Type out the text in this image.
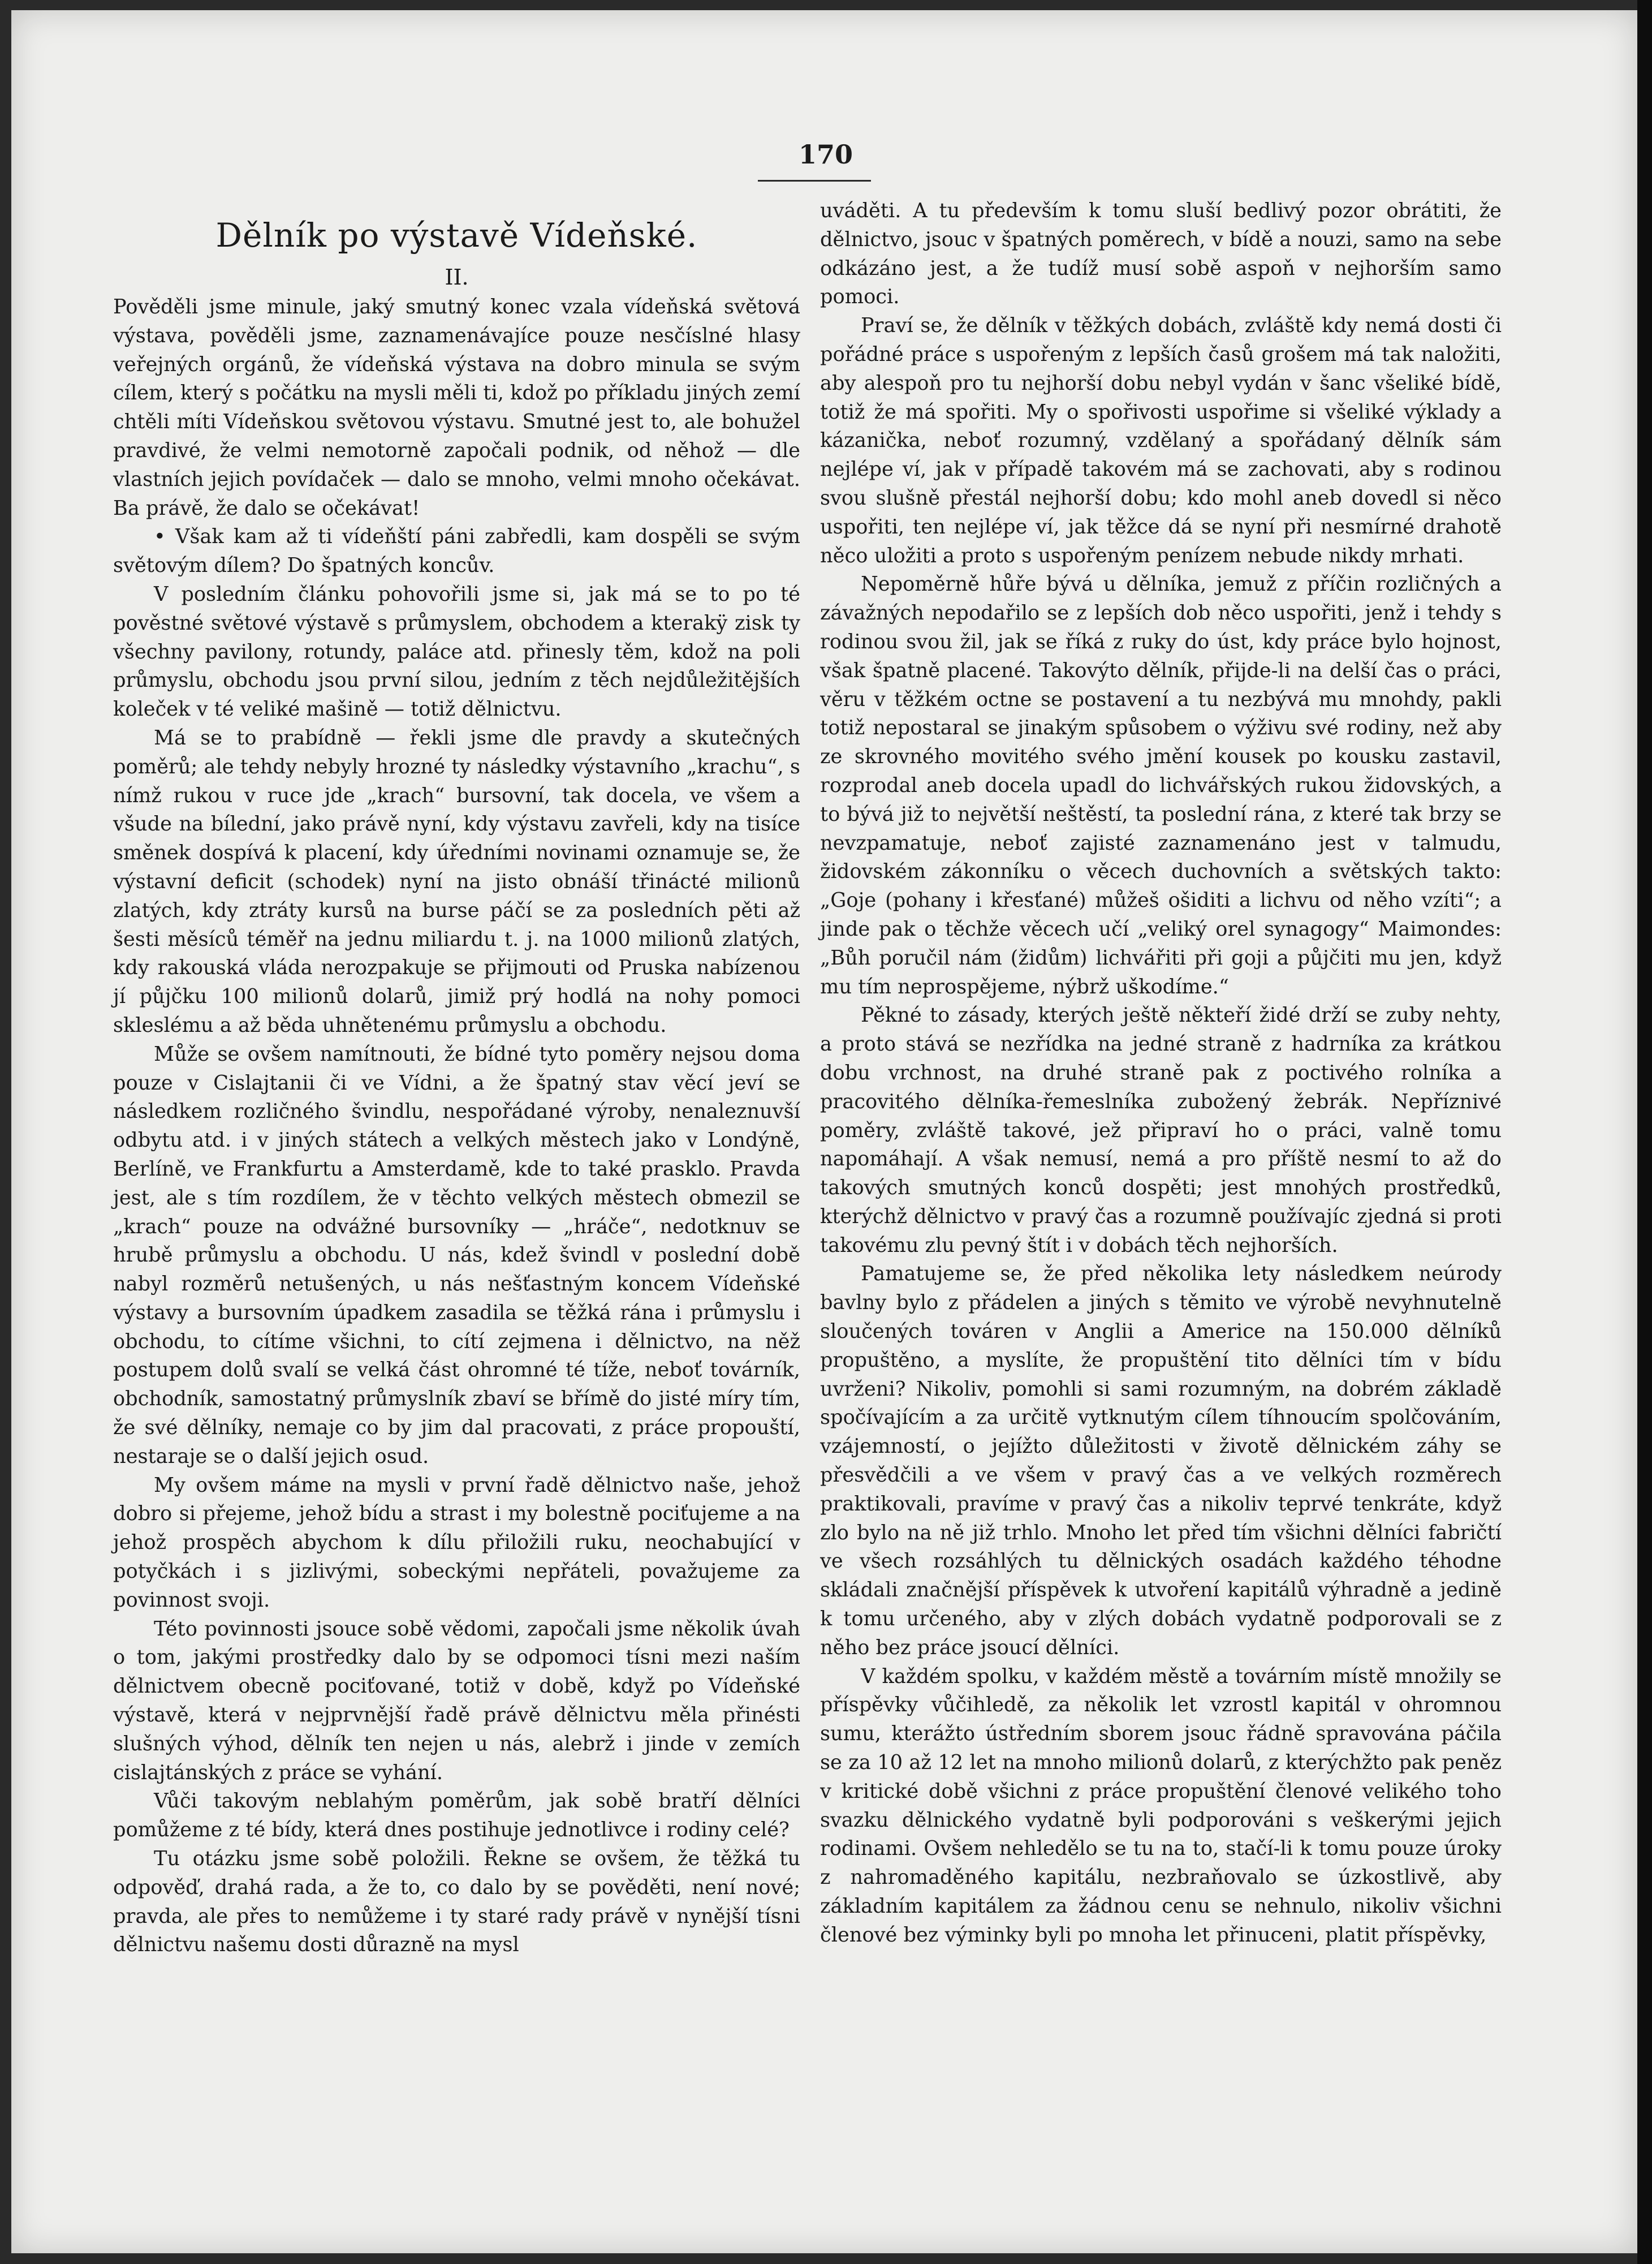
170
Dělník po výstavě Vídeňské.

II.

Pověděli jsme minule, jaký smutný konec vzala vídeňská světová výstava, pověděli jsme, zaznamenávajíce pouze nesčíslné hlasy veřejných orgánů, že vídeňská výstava na dobro minula se svým cílem, který s počátku na mysli měli ti, kdož po příkladu jiných zemí chtěli míti Vídeňskou světovou výstavu. Smutné jest to, ale bohužel pravdivé, že velmi nemotorně započali podnik, od něhož — dle vlastních jejich povídaček — dalo se mnoho, velmi mnoho očekávat. Ba právě, že dalo se očekávat!

• Však kam až ti vídeňští páni zabředli, kam dospěli se svým světovým dílem? Do špatných koncův.

V posledním článku pohovořili jsme si, jak má se to po té pověstné světové výstavě s průmyslem, obchodem a kterakÿ zisk ty všechny pavilony, rotundy, paláce atd. přinesly těm, kdož na poli průmyslu, obchodu jsou první silou, jedním z těch nejdůležitějších koleček v té veliké mašině — totiž dělnictvu.

Má se to prabídně — řekli jsme dle pravdy a skutečných poměrů; ale tehdy nebyly hrozné ty následky výstavního „krachu“, s nímž rukou v ruce jde „krach“ bursovní, tak docela, ve všem a všude na bílední, jako právě nyní, kdy výstavu zavřeli, kdy na tisíce směnek dospívá k placení, kdy úředními novinami oznamuje se, že výstavní deficit (schodek) nyní na jisto obnáší třinácté milionů zlatých, kdy ztráty kursů na burse páčí se za posledních pěti až šesti měsíců téměř na jednu miliardu t. j. na 1000 milionů zlatých, kdy rakouská vláda nerozpakuje se přijmouti od Pruska nabízenou jí půjčku 100 milionů dolarů, jimiž prý hodlá na nohy pomoci skleslému a až běda uhnětenému průmyslu a obchodu.

Může se ovšem namítnouti, že bídné tyto poměry nejsou doma pouze v Cislajtanii či ve Vídni, a že špatný stav věcí jeví se následkem rozličného švindlu, nespořádané výroby, nenaleznuvší odbytu atd. i v jiných státech a velkých městech jako v Londýně, Berlíně, ve Frankfurtu a Amsterdamě, kde to také prasklo. Pravda jest, ale s tím rozdílem, že v těchto velkých městech obmezil se „krach“ pouze na odvážné bursovníky — „hráče“, nedotknuv se hrubě průmyslu a obchodu. U nás, kdež švindl v poslední době nabyl rozměrů netušených, u nás nešťastným koncem Vídeňské výstavy a bursovním úpadkem zasadila se těžká rána i průmyslu i obchodu, to cítíme všichni, to cítí zejmena i dělnictvo, na něž postupem dolů svalí se velká část ohromné té tíže, neboť továrník, obchodník, samostatný průmyslník zbaví se břímě do jisté míry tím, že své dělníky, nemaje co by jim dal pracovati, z práce propouští, nestaraje se o další jejich osud.

My ovšem máme na mysli v první řadě dělnictvo naše, jehož dobro si přejeme, jehož bídu a strast i my bolestně pociťujeme a na jehož prospěch abychom k dílu přiložili ruku, neochabující v potyčkách i s jizlivými, sobeckými nepřáteli, považujeme za povinnost svoji.

Této povinnosti jsouce sobě vědomi, započali jsme několik úvah o tom, jakými prostředky dalo by se odpomoci tísni mezi naším dělnictvem obecně pociťované, totiž v době, když po Vídeňské výstavě, která v nejprvnější řadě právě dělnictvu měla přinésti slušných výhod, dělník ten nejen u nás, alebrž i jinde v zemích cislajtánských z práce se vyhání.

Vůči takovým neblahým poměrům, jak sobě bratří dělníci pomůžeme z té bídy, která dnes postihuje jednotlivce i rodiny celé?

Tu otázku jsme sobě položili. Řekne se ovšem, že těžká tu odpověď, drahá rada, a že to, co dalo by se pověděti, není nové; pravda, ale přes to nemůžeme i ty staré rady právě v nynější tísni dělnictvu našemu dosti důrazně na mysl

uváděti. A tu především k tomu sluší bedlivý pozor obrátiti, že dělnictvo, jsouc v špatných poměrech, v bídě a nouzi, samo na sebe odkázáno jest, a že tudíž musí sobě aspoň v nejhorším samo pomoci.

Praví se, že dělník v těžkých dobách, zvláště kdy nemá dosti či pořádné práce s uspořeným z lepších časů grošem má tak naložiti, aby alespoň pro tu nejhorší dobu nebyl vydán v šanc všeliké bídě, totiž že má spořiti. My o spořivosti uspořime si všeliké výklady a kázanička, neboť rozumný, vzdělaný a spořádaný dělník sám nejlépe ví, jak v případě takovém má se zachovati, aby s rodinou svou slušně přestál nejhorší dobu; kdo mohl aneb dovedl si něco uspořiti, ten nejlépe ví, jak těžce dá se nyní při nesmírné drahotě něco uložiti a proto s uspořeným penízem nebude nikdy mrhati.

Nepoměrně hůře bývá u dělníka, jemuž z příčin rozličných a závažných nepodařilo se z lepších dob něco uspořiti, jenž i tehdy s rodinou svou žil, jak se říká z ruky do úst, kdy práce bylo hojnost, však špatně placené. Takovýto dělník, přijde-li na delší čas o práci, věru v těžkém octne se postavení a tu nezbývá mu mnohdy, pakli totiž nepostaral se jinakým spůsobem o výživu své rodiny, než aby ze skrovného movitého svého jmění kousek po kousku zastavil, rozprodal aneb docela upadl do lichvářských rukou židovských, a to bývá již to největší neštěstí, ta poslední rána, z které tak brzy se nevzpamatuje, neboť zajisté zaznamenáno jest v talmudu, židovském zákonníku o věcech duchovních a světských takto: „Goje (pohany i křesťané) můžeš ošiditi a lichvu od něho vzíti“; a jinde pak o těchže věcech učí „veliký orel synagogy“ Maimondes: „Bůh poručil nám (židům) lichvářiti při goji a půjčiti mu jen, když mu tím neprospějeme, nýbrž uškodíme.“

Pěkné to zásady, kterých ještě někteří židé drží se zuby nehty, a proto stává se nezřídka na jedné straně z hadrníka za krátkou dobu vrchnost, na druhé straně pak z poctivého rolníka a pracovitého dělníka-řemeslníka zubožený žebrák. Nepříznivé poměry, zvláště takové, jež připraví ho o práci, valně tomu napomáhají. A však nemusí, nemá a pro příště nesmí to až do takových smutných konců dospěti; jest mnohých prostředků, kterýchž dělnictvo v pravý čas a rozumně používajíc zjedná si proti takovému zlu pevný štít i v dobách těch nejhorších.

Pamatujeme se, že před několika lety následkem neúrody bavlny bylo z přádelen a jiných s těmito ve výrobě nevyhnutelně sloučených továren v Anglii a Americe na 150.000 dělníků propuštěno, a myslíte, že propuštění tito dělníci tím v bídu uvrženi? Nikoliv, pomohli si sami rozumným, na dobrém základě spočívajícím a za určitě vytknutým cílem tíhnoucím spolčováním, vzájemností, o jejížto důležitosti v životě dělnickém záhy se přesvědčili a ve všem v pravý čas a ve velkých rozměrech praktikovali, pravíme v pravý čas a nikoliv teprvé tenkráte, když zlo bylo na ně již trhlo. Mnoho let před tím všichni dělníci fabričtí ve všech rozsáhlých tu dělnických osadách každého téhodne skládali značnější příspěvek k utvoření kapitálů výhradně a jedině k tomu určeného, aby v zlých dobách vydatně podporovali se z něho bez práce jsoucí dělníci.

V každém spolku, v každém městě a továrním místě množily se příspěvky vůčihledě, za několik let vzrostl kapitál v ohromnou sumu, kterážto ústředním sborem jsouc řádně spravována páčila se za 10 až 12 let na mnoho milionů dolarů, z kterýchžto pak peněz v kritické době všichni z práce propuštění členové velikého toho svazku dělnického vydatně byli podporováni s veškerými jejich rodinami. Ovšem nehledělo se tu na to, stačí-li k tomu pouze úroky z nahromaděného kapitálu, nezbraňovalo se úzkostlivě, aby základním kapitálem za žádnou cenu se nehnulo, nikoliv všichni členové bez výminky byli po mnoha let přinuceni, platit příspěvky,
